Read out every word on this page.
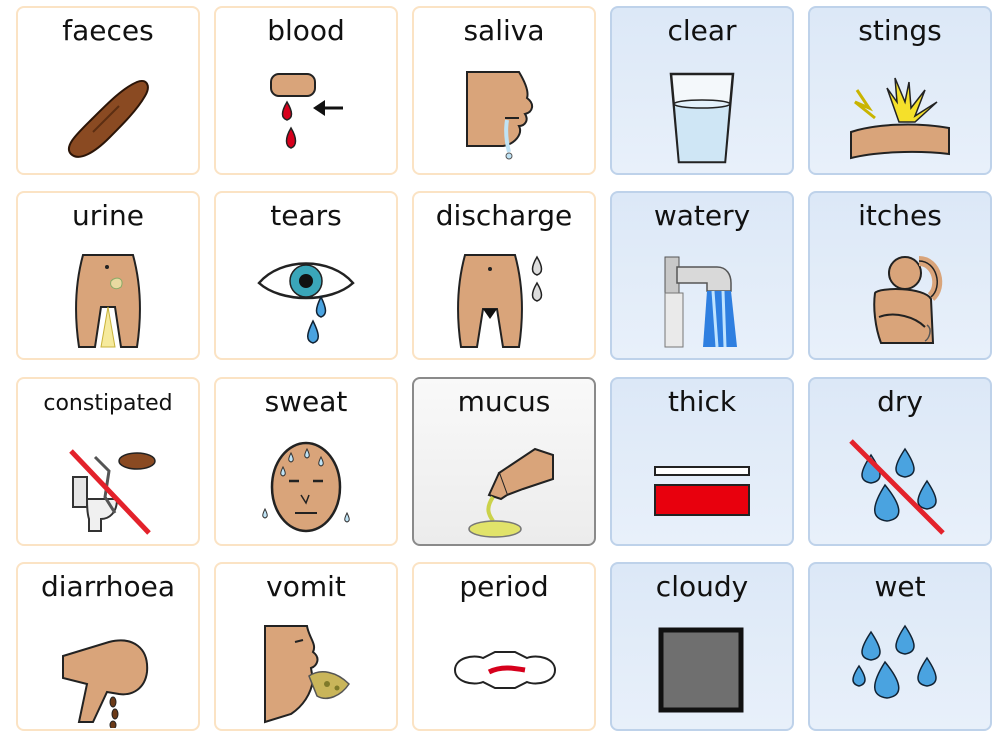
faeces	blood	saliva	clear	stings
urine	tears	discharge	watery	itches
constipated	sweat	mucus	thick	dry
diarrhoea	vomit	period	cloudy	wet
